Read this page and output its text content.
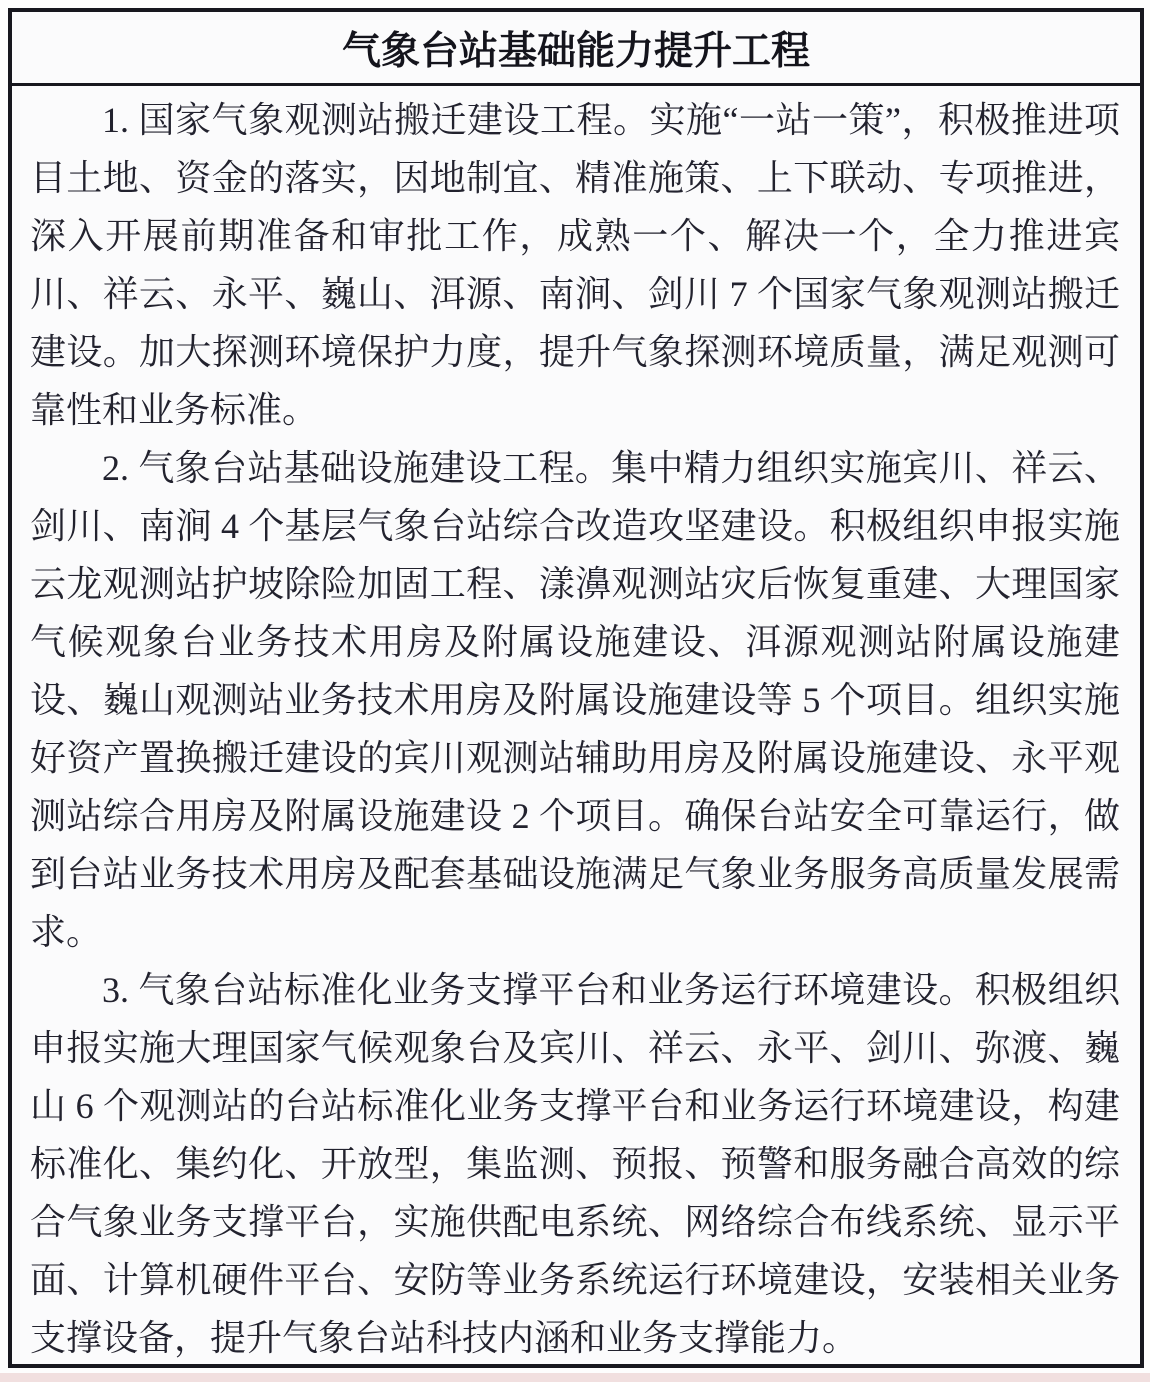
气象台站基础能力提升工程

1. 国家气象观测站搬迁建设工程。实施“一站一策”，积极推进项目土地、资金的落实，因地制宜、精准施策、上下联动、专项推进，深入开展前期准备和审批工作，成熟一个、解决一个，全力推进宾川、祥云、永平、巍山、洱源、南涧、剑川 7 个国家气象观测站搬迁建设。加大探测环境保护力度，提升气象探测环境质量，满足观测可靠性和业务标准。

2. 气象台站基础设施建设工程。集中精力组织实施宾川、祥云、剑川、南涧 4 个基层气象台站综合改造攻坚建设。积极组织申报实施云龙观测站护坡除险加固工程、漾濞观测站灾后恢复重建、大理国家气候观象台业务技术用房及附属设施建设、洱源观测站附属设施建设、巍山观测站业务技术用房及附属设施建设等 5 个项目。组织实施好资产置换搬迁建设的宾川观测站辅助用房及附属设施建设、永平观测站综合用房及附属设施建设 2 个项目。确保台站安全可靠运行，做到台站业务技术用房及配套基础设施满足气象业务服务高质量发展需求。

3. 气象台站标准化业务支撑平台和业务运行环境建设。积极组织申报实施大理国家气候观象台及宾川、祥云、永平、剑川、弥渡、巍山 6 个观测站的台站标准化业务支撑平台和业务运行环境建设，构建标准化、集约化、开放型，集监测、预报、预警和服务融合高效的综合气象业务支撑平台，实施供配电系统、网络综合布线系统、显示平面、计算机硬件平台、安防等业务系统运行环境建设，安装相关业务支撑设备，提升气象台站科技内涵和业务支撑能力。
